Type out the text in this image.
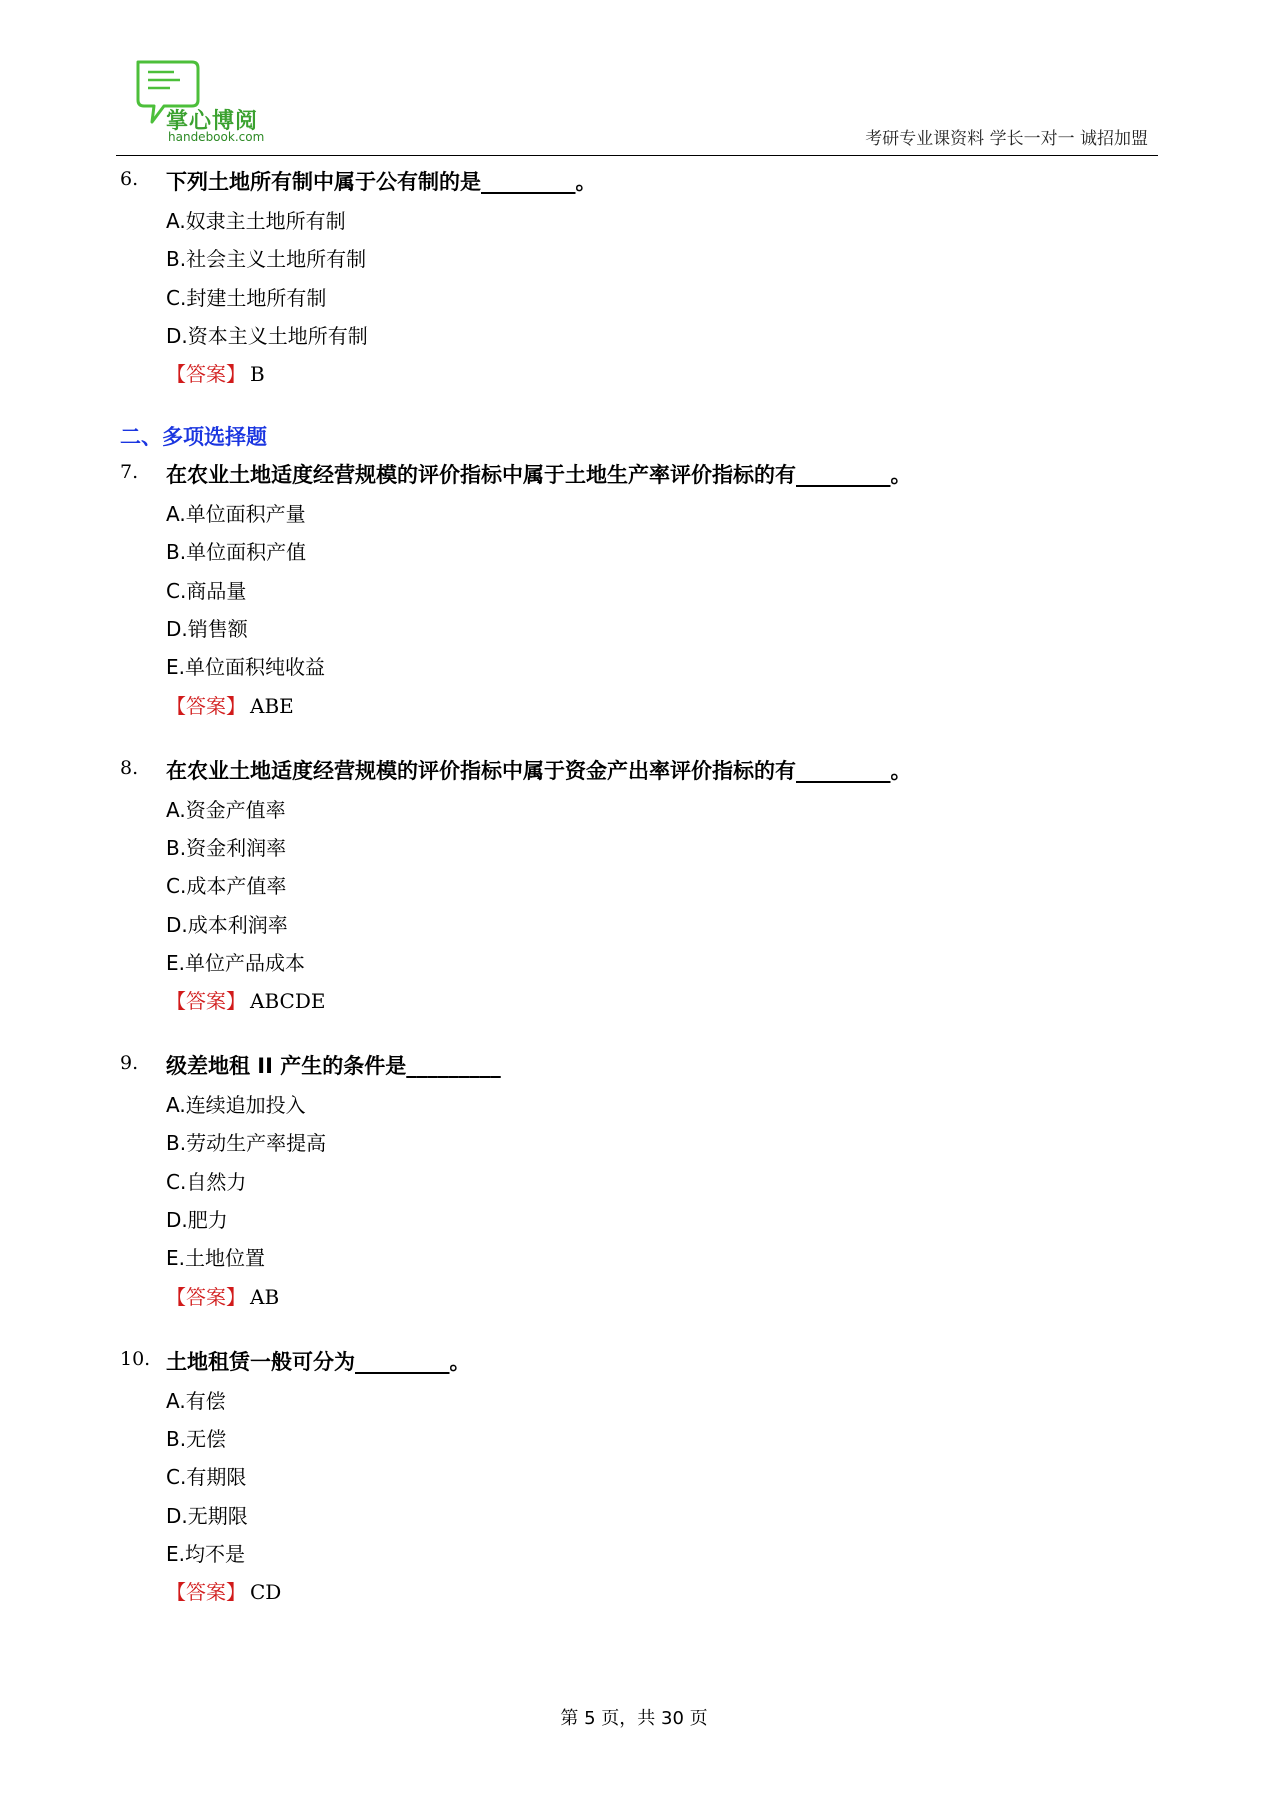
掌心博阅
handebook.com	考研专业课资料 学长一对一 诚招加盟
6. 下列土地所有制中属于公有制的是_________。
A.奴隶主土地所有制
B.社会主义土地所有制
C.封建土地所有制
D.资本主义土地所有制
【答案】 B
二、多项选择题
7. 在农业土地适度经营规模的评价指标中属于土地生产率评价指标的有_________。
A.单位面积产量
B.单位面积产值
C.商品量
D.销售额
E.单位面积纯收益
【答案】 ABE
8. 在农业土地适度经营规模的评价指标中属于资金产出率评价指标的有_________。
A.资金产值率
B.资金利润率
C.成本产值率
D.成本利润率
E.单位产品成本
【答案】 ABCDE
9. 级差地租 II 产生的条件是_________
A.连续追加投入
B.劳动生产率提高
C.自然力
D.肥力
E.土地位置
【答案】 AB
10. 土地租赁一般可分为_________。
A.有偿
B.无偿
C.有期限
D.无期限
E.均不是
【答案】 CD
第 5 页，共 30 页
